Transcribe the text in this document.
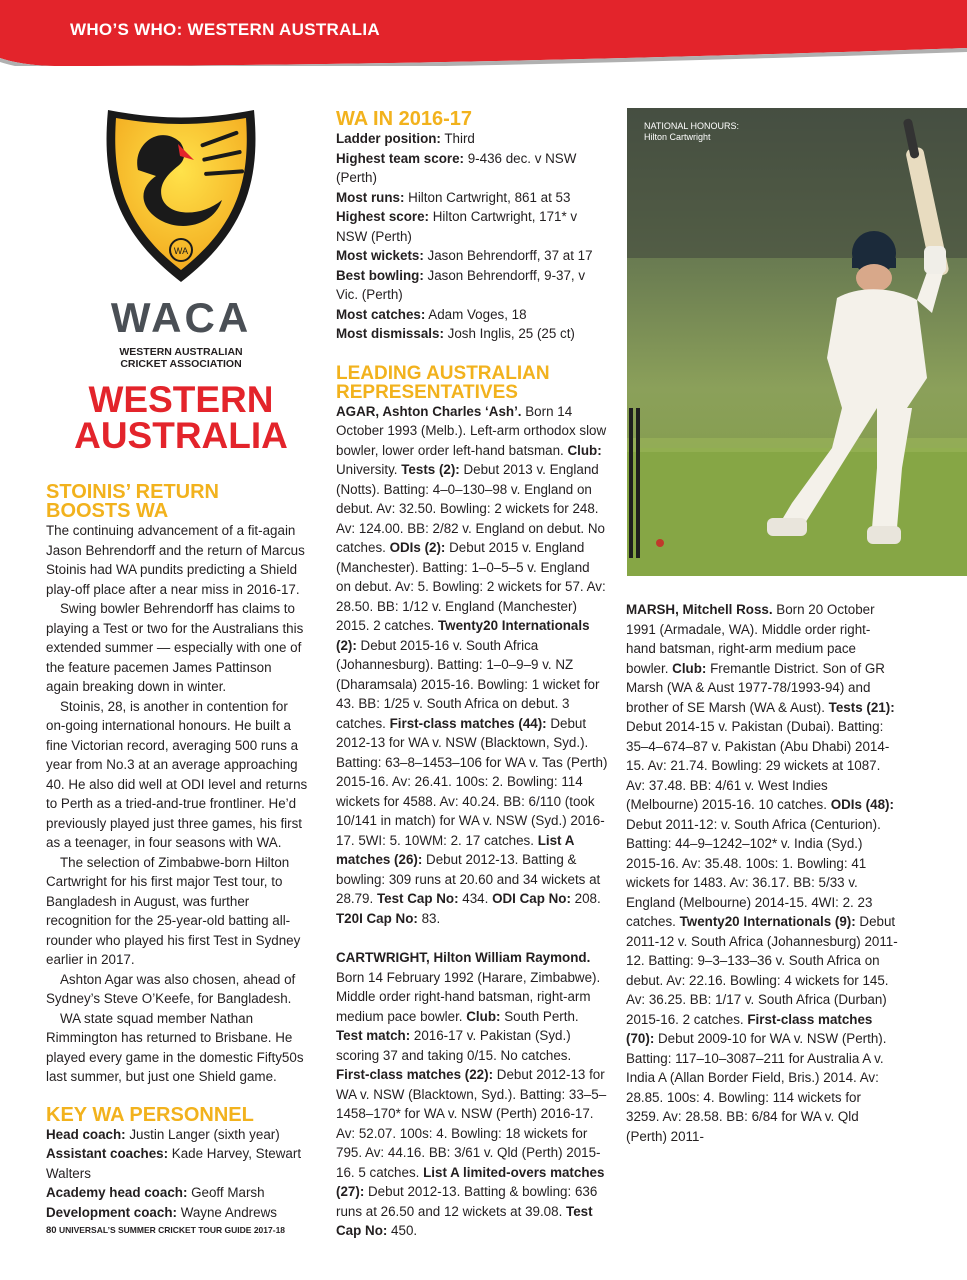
WHO’S WHO: WESTERN AUSTRALIA
WA
WACA
WESTERN AUSTRALIAN
CRICKET ASSOCIATION
WESTERN
AUSTRALIA
STOINIS’ RETURN
BOOSTS WA

The continuing advancement of a fit-again Jason Behrendorff and the return of Marcus Stoinis had WA pundits predicting a Shield play-off place after a near miss in 2016-17.

Swing bowler Behrendorff has claims to playing a Test or two for the Australians this extended summer — especially with one of the feature pacemen James Pattinson again breaking down in winter.

Stoinis, 28, is another in contention for on-going international honours. He built a fine Victorian record, averaging 500 runs a year from No.3 at an average approaching 40. He also did well at ODI level and returns to Perth as a tried-and-true frontliner. He’d previously played just three games, his first as a teenager, in four seasons with WA.

The selection of Zimbabwe-born Hilton Cartwright for his first major Test tour, to Bangladesh in August, was further recognition for the 25-year-old batting all-rounder who played his first Test in Sydney earlier in 2017.

Ashton Agar was also chosen, ahead of Sydney’s Steve O’Keefe, for Bangladesh.

WA state squad member Nathan Rimmington has returned to Brisbane. He played every game in the domestic Fifty50s last summer, but just one Shield game.

KEY WA PERSONNEL

Head coach: Justin Langer (sixth year)

Assistant coaches: Kade Harvey, Stewart Walters

Academy head coach: Geoff Marsh

Development coach: Wayne Andrews

WA IN 2016-17

Ladder position: Third

Highest team score: 9-436 dec. v NSW (Perth)

Most runs: Hilton Cartwright, 861 at 53

Highest score: Hilton Cartwright, 171* v NSW (Perth)

Most wickets: Jason Behrendorff, 37 at 17

Best bowling: Jason Behrendorff, 9-37, v Vic. (Perth)

Most catches: Adam Voges, 18

Most dismissals: Josh Inglis, 25 (25 ct)

LEADING AUSTRALIAN
REPRESENTATIVES

AGAR, Ashton Charles ‘Ash’. Born 14 October 1993 (Melb.). Left-arm orthodox slow bowler, lower order left-hand batsman. Club: University. Tests (2): Debut 2013 v. England (Notts). Batting: 4–0–130–98 v. England on debut. Av: 32.50. Bowling: 2 wickets for 248. Av: 124.00. BB: 2/82 v. England on debut. No catches. ODIs (2): Debut 2015 v. England (Manchester). Batting: 1–0–5–5 v. England on debut. Av: 5. Bowling: 2 wickets for 57. Av: 28.50. BB: 1/12 v. England (Manchester) 2015. 2 catches. Twenty20 Internationals (2): Debut 2015-16 v. South Africa (Johannesburg). Batting: 1–0–9–9 v. NZ (Dharamsala) 2015-16. Bowling: 1 wicket for 43. BB: 1/25 v. South Africa on debut. 3 catches. First-class matches (44): Debut 2012-13 for WA v. NSW (Blacktown, Syd.). Batting: 63–8–1453–106 for WA v. Tas (Perth) 2015-16. Av: 26.41. 100s: 2. Bowling: 114 wickets for 4588. Av: 40.24. BB: 6/110 (took 10/141 in match) for WA v. NSW (Syd.) 2016-17. 5WI: 5. 10WM: 2. 17 catches. List A matches (26): Debut 2012-13. Batting & bowling: 309 runs at 20.60 and 34 wickets at 28.79. Test Cap No: 434. ODI Cap No: 208. T20I Cap No: 83.

CARTWRIGHT, Hilton William Raymond. Born 14 February 1992 (Harare, Zimbabwe). Middle order right-hand batsman, right-arm medium pace bowler. Club: South Perth. Test match: 2016-17 v. Pakistan (Syd.) scoring 37 and taking 0/15. No catches. First-class matches (22): Debut 2012-13 for WA v. NSW (Blacktown, Syd.). Batting: 33–5–1458–170* for WA v. NSW (Perth) 2016-17. Av: 52.07. 100s: 4. Bowling: 18 wickets for 795. Av: 44.16. BB: 3/61 v. Qld (Perth) 2015-16. 5 catches. List A limited-overs matches (27): Debut 2012-13. Batting & bowling: 636 runs at 26.50 and 12 wickets at 39.08. Test Cap No: 450.

NATIONAL HONOURS:
Hilton Cartwright

MARSH, Mitchell Ross. Born 20 October 1991 (Armadale, WA). Middle order right-hand batsman, right-arm medium pace bowler. Club: Fremantle District. Son of GR Marsh (WA & Aust 1977-78/1993-94) and brother of SE Marsh (WA & Aust). Tests (21): Debut 2014-15 v. Pakistan (Dubai). Batting: 35–4–674–87 v. Pakistan (Abu Dhabi) 2014-15. Av: 21.74. Bowling: 29 wickets at 1087. Av: 37.48. BB: 4/61 v. West Indies (Melbourne) 2015-16. 10 catches. ODIs (48): Debut 2011-12: v. South Africa (Centurion). Batting: 44–9–1242–102* v. India (Syd.) 2015-16. Av: 35.48. 100s: 1. Bowling: 41 wickets for 1483. Av: 36.17. BB: 5/33 v. England (Melbourne) 2014-15. 4WI: 2. 23 catches. Twenty20 Internationals (9): Debut 2011-12 v. South Africa (Johannesburg) 2011-12. Batting: 9–3–133–36 v. South Africa on debut. Av: 22.16. Bowling: 4 wickets for 145. Av: 36.25. BB: 1/17 v. South Africa (Durban) 2015-16. 2 catches. First-class matches (70): Debut 2009-10 for WA v. NSW (Perth). Batting: 117–10–3087–211 for Australia A v. India A (Allan Border Field, Bris.) 2014. Av: 28.85. 100s: 4. Bowling: 114 wickets for 3259. Av: 28.58. BB: 6/84 for WA v. Qld (Perth) 2011-

80 UNIVERSAL’S SUMMER CRICKET TOUR GUIDE 2017-18
